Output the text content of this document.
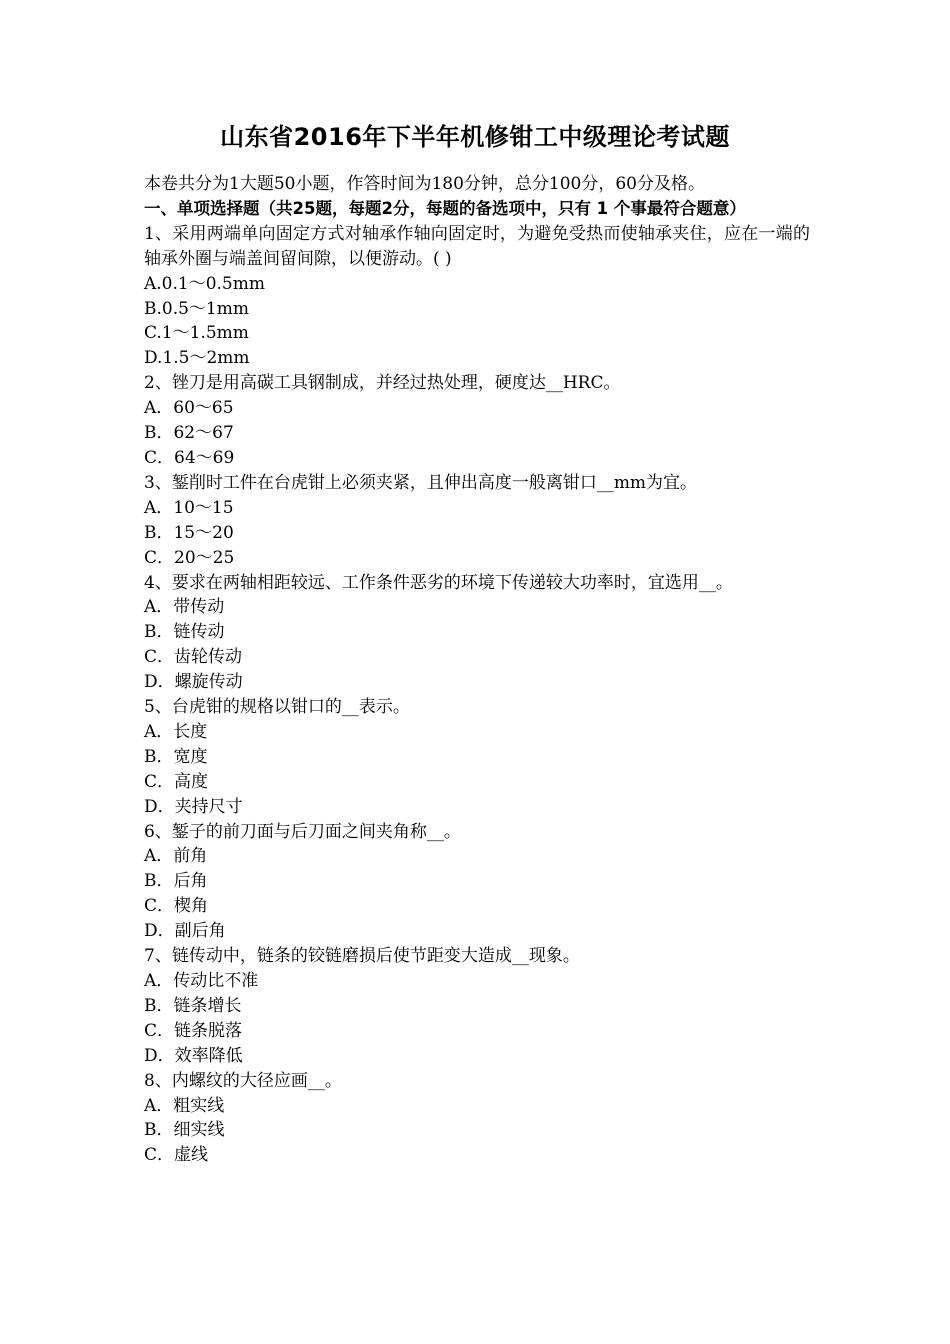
山东省2016年下半年机修钳工中级理论考试题
本卷共分为1大题50小题，作答时间为180分钟，总分100分，60分及格。
一、单项选择题（共25题，每题2分，每题的备选项中，只有 1 个事最符合题意）
1、采用两端单向固定方式对轴承作轴向固定时，为避免受热而使轴承夹住，应在一端的轴承外圈与端盖间留间隙，以便游动。( )
A.0.1～0.5mm
B.0.5～1mm
C.1～1.5mm
D.1.5～2mm
2、锉刀是用高碳工具钢制成，并经过热处理，硬度达__HRC。
A．60～65
B．62～67
C．64～69
3、錾削时工件在台虎钳上必须夹紧，且伸出高度一般离钳口__mm为宜。
A．10～15
B．15～20
C．20～25
4、要求在两轴相距较远、工作条件恶劣的环境下传递较大功率时，宜选用__。
A．带传动
B．链传动
C．齿轮传动
D．螺旋传动
5、台虎钳的规格以钳口的__表示。
A．长度
B．宽度
C．高度
D．夹持尺寸
6、錾子的前刀面与后刀面之间夹角称__。
A．前角
B．后角
C．楔角
D．副后角
7、链传动中，链条的铰链磨损后使节距变大造成__现象。
A．传动比不准
B．链条增长
C．链条脱落
D．效率降低
8、内螺纹的大径应画__。
A．粗实线
B．细实线
C．虚线
